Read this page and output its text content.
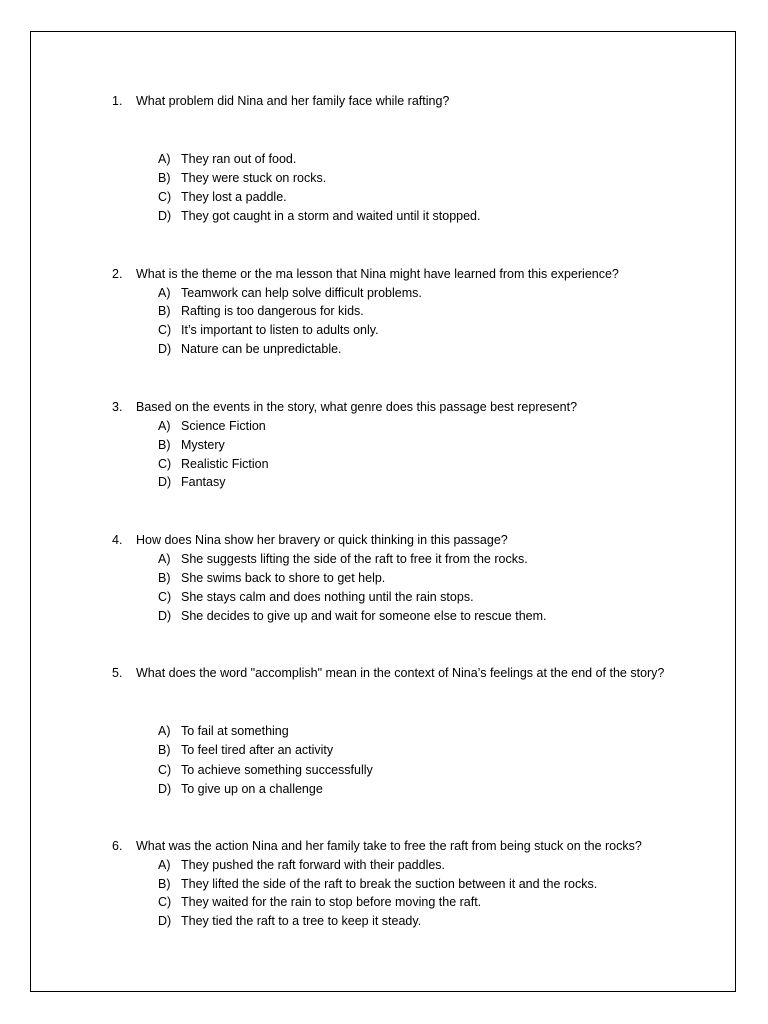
1.	What problem did Nina and her family face while rafting?
A) They ran out of food.
B) They were stuck on rocks.
C) They lost a paddle.
D) They got caught in a storm and waited until it stopped.
2.	What is the theme or the ma lesson that Nina might have learned from this experience?
A) Teamwork can help solve difficult problems.
B) Rafting is too dangerous for kids.
C) It’s important to listen to adults only.
D) Nature can be unpredictable.
3.	Based on the events in the story, what genre does this passage best represent?
A) Science Fiction
B) Mystery
C) Realistic Fiction
D) Fantasy
4.	How does Nina show her bravery or quick thinking in this passage?
A) She suggests lifting the side of the raft to free it from the rocks.
B) She swims back to shore to get help.
C) She stays calm and does nothing until the rain stops.
D) She decides to give up and wait for someone else to rescue them.
5.	What does the word "accomplish" mean in the context of Nina’s feelings at the end of the story?
A) To fail at something
B) To feel tired after an activity
C) To achieve something successfully
D) To give up on a challenge
6.	What was the action Nina and her family take to free the raft from being stuck on the rocks?
A) They pushed the raft forward with their paddles.
B) They lifted the side of the raft to break the suction between it and the rocks.
C) They waited for the rain to stop before moving the raft.
D) They tied the raft to a tree to keep it steady.
